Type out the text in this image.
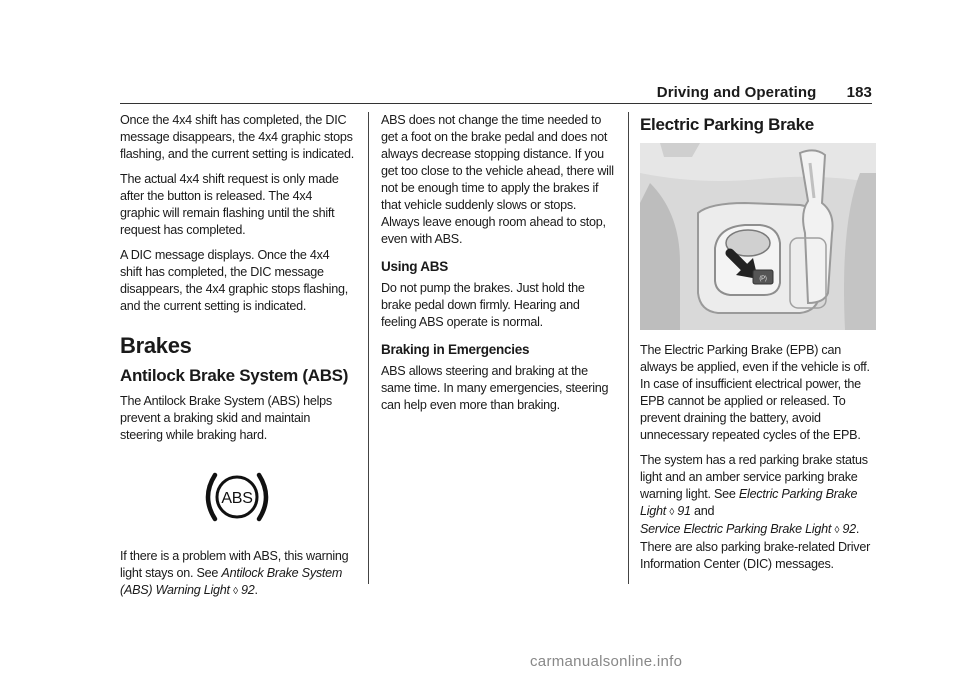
Driving and Operating 183

Once the 4x4 shift has completed, the DIC message disappears, the 4x4 graphic stops flashing, and the current setting is indicated.

The actual 4x4 shift request is only made after the button is released. The 4x4 graphic will remain flashing until the shift request has completed.

A DIC message displays. Once the 4x4 shift has completed, the DIC message disappears, the 4x4 graphic stops flashing, and the current setting is indicated.

Brakes
Antilock Brake System (ABS)

The Antilock Brake System (ABS) helps prevent a braking skid and maintain steering while braking hard.

ABS

If there is a problem with ABS, this warning light stays on. See Antilock Brake System (ABS) Warning Light ◊ 92.

ABS does not change the time needed to get a foot on the brake pedal and does not always decrease stopping distance. If you get too close to the vehicle ahead, there will not be enough time to apply the brakes if that vehicle suddenly slows or stops. Always leave enough room ahead to stop, even with ABS.

Using ABS

Do not pump the brakes. Just hold the brake pedal down firmly. Hearing and feeling ABS operate is normal.

Braking in Emergencies

ABS allows steering and braking at the same time. In many emergencies, steering can help even more than braking.

Electric Parking Brake
(P)

The Electric Parking Brake (EPB) can always be applied, even if the vehicle is off. In case of insufficient electrical power, the EPB cannot be applied or released. To prevent draining the battery, avoid unnecessary repeated cycles of the EPB.

The system has a red parking brake status light and an amber service parking brake warning light. See Electric Parking Brake Light ◊ 91 and
Service Electric Parking Brake Light ◊ 92. There are also parking brake-related Driver Information Center (DIC) messages.

carmanualsonline.info
